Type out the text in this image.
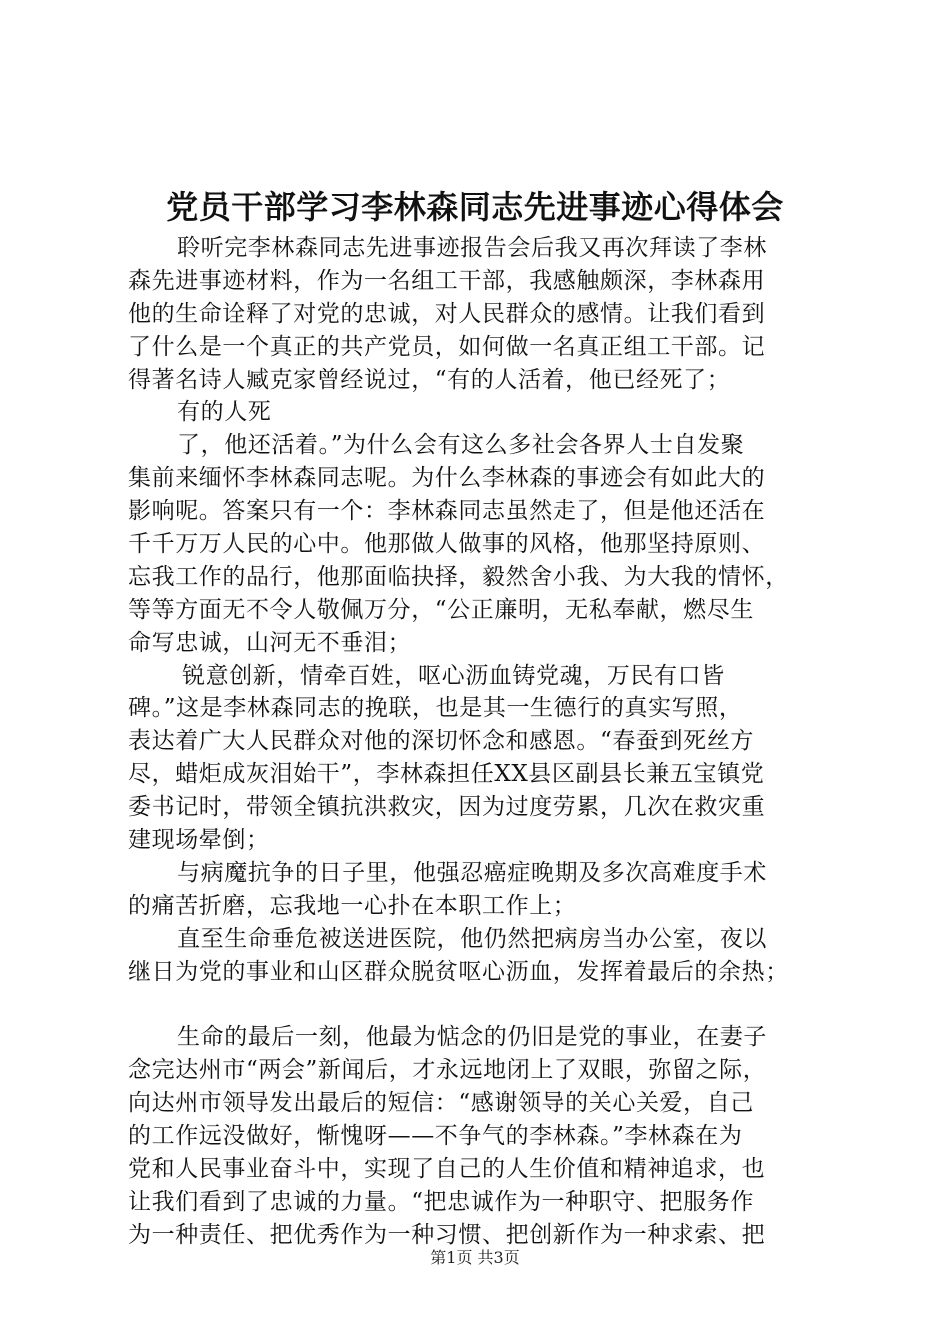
党员干部学习李林森同志先进事迹心得体会
聆听完李林森同志先进事迹报告会后我又再次拜读了李林
森先进事迹材料，作为一名组工干部，我感触颇深，李林森用
他的生命诠释了对党的忠诚，对人民群众的感情。让我们看到
了什么是一个真正的共产党员，如何做一名真正组工干部。记
得著名诗人臧克家曾经说过，“有的人活着，他已经死了；
有的人死
了，他还活着。”为什么会有这么多社会各界人士自发聚
集前来缅怀李林森同志呢。为什么李林森的事迹会有如此大的
影响呢。答案只有一个：李林森同志虽然走了，但是他还活在
千千万万人民的心中。他那做人做事的风格，他那坚持原则、
忘我工作的品行，他那面临抉择，毅然舍小我、为大我的情怀，
等等方面无不令人敬佩万分，“公正廉明，无私奉献，燃尽生
命写忠诚，山河无不垂泪；
锐意创新，情牵百姓，呕心沥血铸党魂，万民有口皆
碑。”这是李林森同志的挽联，也是其一生德行的真实写照，
表达着广大人民群众对他的深切怀念和感恩。“春蚕到死丝方
尽，蜡炬成灰泪始干”，李林森担任XX县区副县长兼五宝镇党
委书记时，带领全镇抗洪救灾，因为过度劳累，几次在救灾重
建现场晕倒；
与病魔抗争的日子里，他强忍癌症晚期及多次高难度手术
的痛苦折磨，忘我地一心扑在本职工作上；
直至生命垂危被送进医院，他仍然把病房当办公室，夜以
继日为党的事业和山区群众脱贫呕心沥血，发挥着最后的余热；
生命的最后一刻，他最为惦念的仍旧是党的事业，在妻子
念完达州市“两会”新闻后，才永远地闭上了双眼，弥留之际，
向达州市领导发出最后的短信：“感谢领导的关心关爱，自己
的工作远没做好，惭愧呀——不争气的李林森。”李林森在为
党和人民事业奋斗中，实现了自己的人生价值和精神追求，也
让我们看到了忠诚的力量。“把忠诚作为一种职守、把服务作
为一种责任、把优秀作为一种习惯、把创新作为一种求索、把
第1页 共3页
